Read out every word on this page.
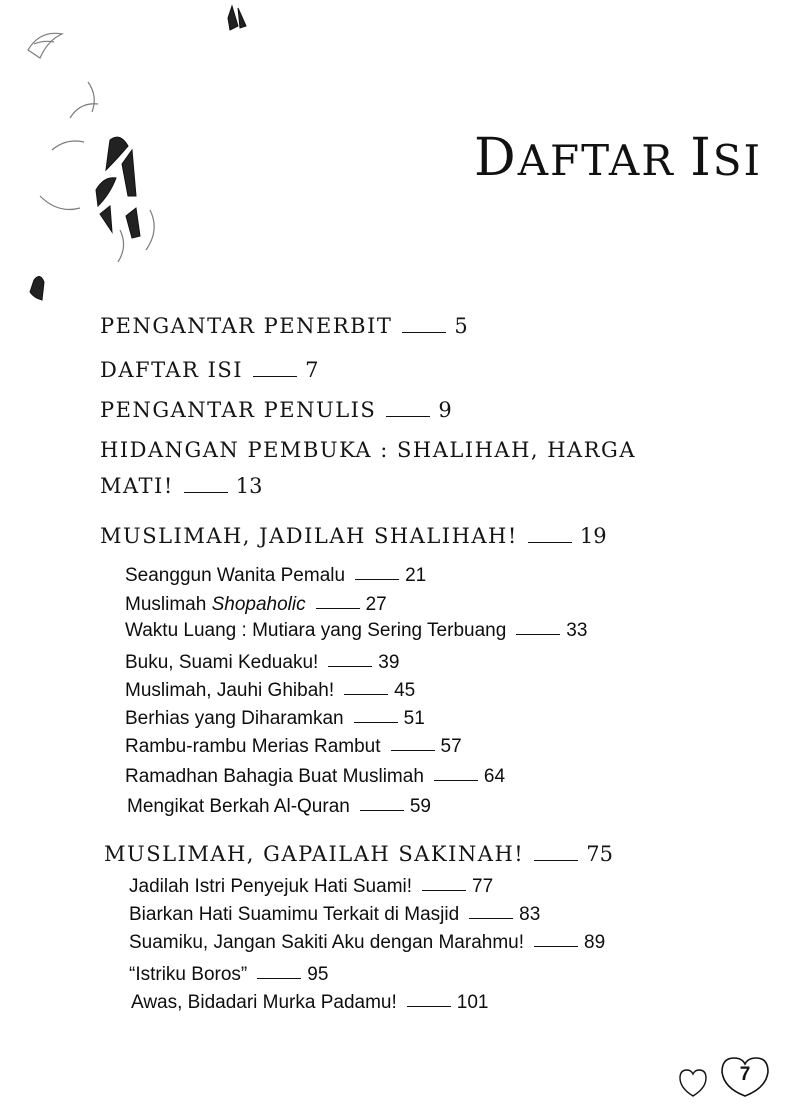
DAFTAR ISI
PENGANTAR PENERBIT	5
DAFTAR ISI	7
PENGANTAR PENULIS	9
HIDANGAN PEMBUKA : SHALIHAH, HARGA
MATI!	13
MUSLIMAH, JADILAH SHALIHAH!	19
Seanggun Wanita Pemalu	21
Muslimah Shopaholic	27
Waktu Luang : Mutiara yang Sering Terbuang	33
Buku, Suami Keduaku!	39
Muslimah, Jauhi Ghibah!	45
Berhias yang Diharamkan	51
Rambu-rambu Merias Rambut	57
Ramadhan Bahagia Buat Muslimah	64
Mengikat Berkah Al-Quran	59
MUSLIMAH, GAPAILAH SAKINAH!	75
Jadilah Istri Penyejuk Hati Suami!	77
Biarkan Hati Suamimu Terkait di Masjid	83
Suamiku, Jangan Sakiti Aku dengan Marahmu!	89
“Istriku Boros”	95
Awas, Bidadari Murka Padamu!	101
7
